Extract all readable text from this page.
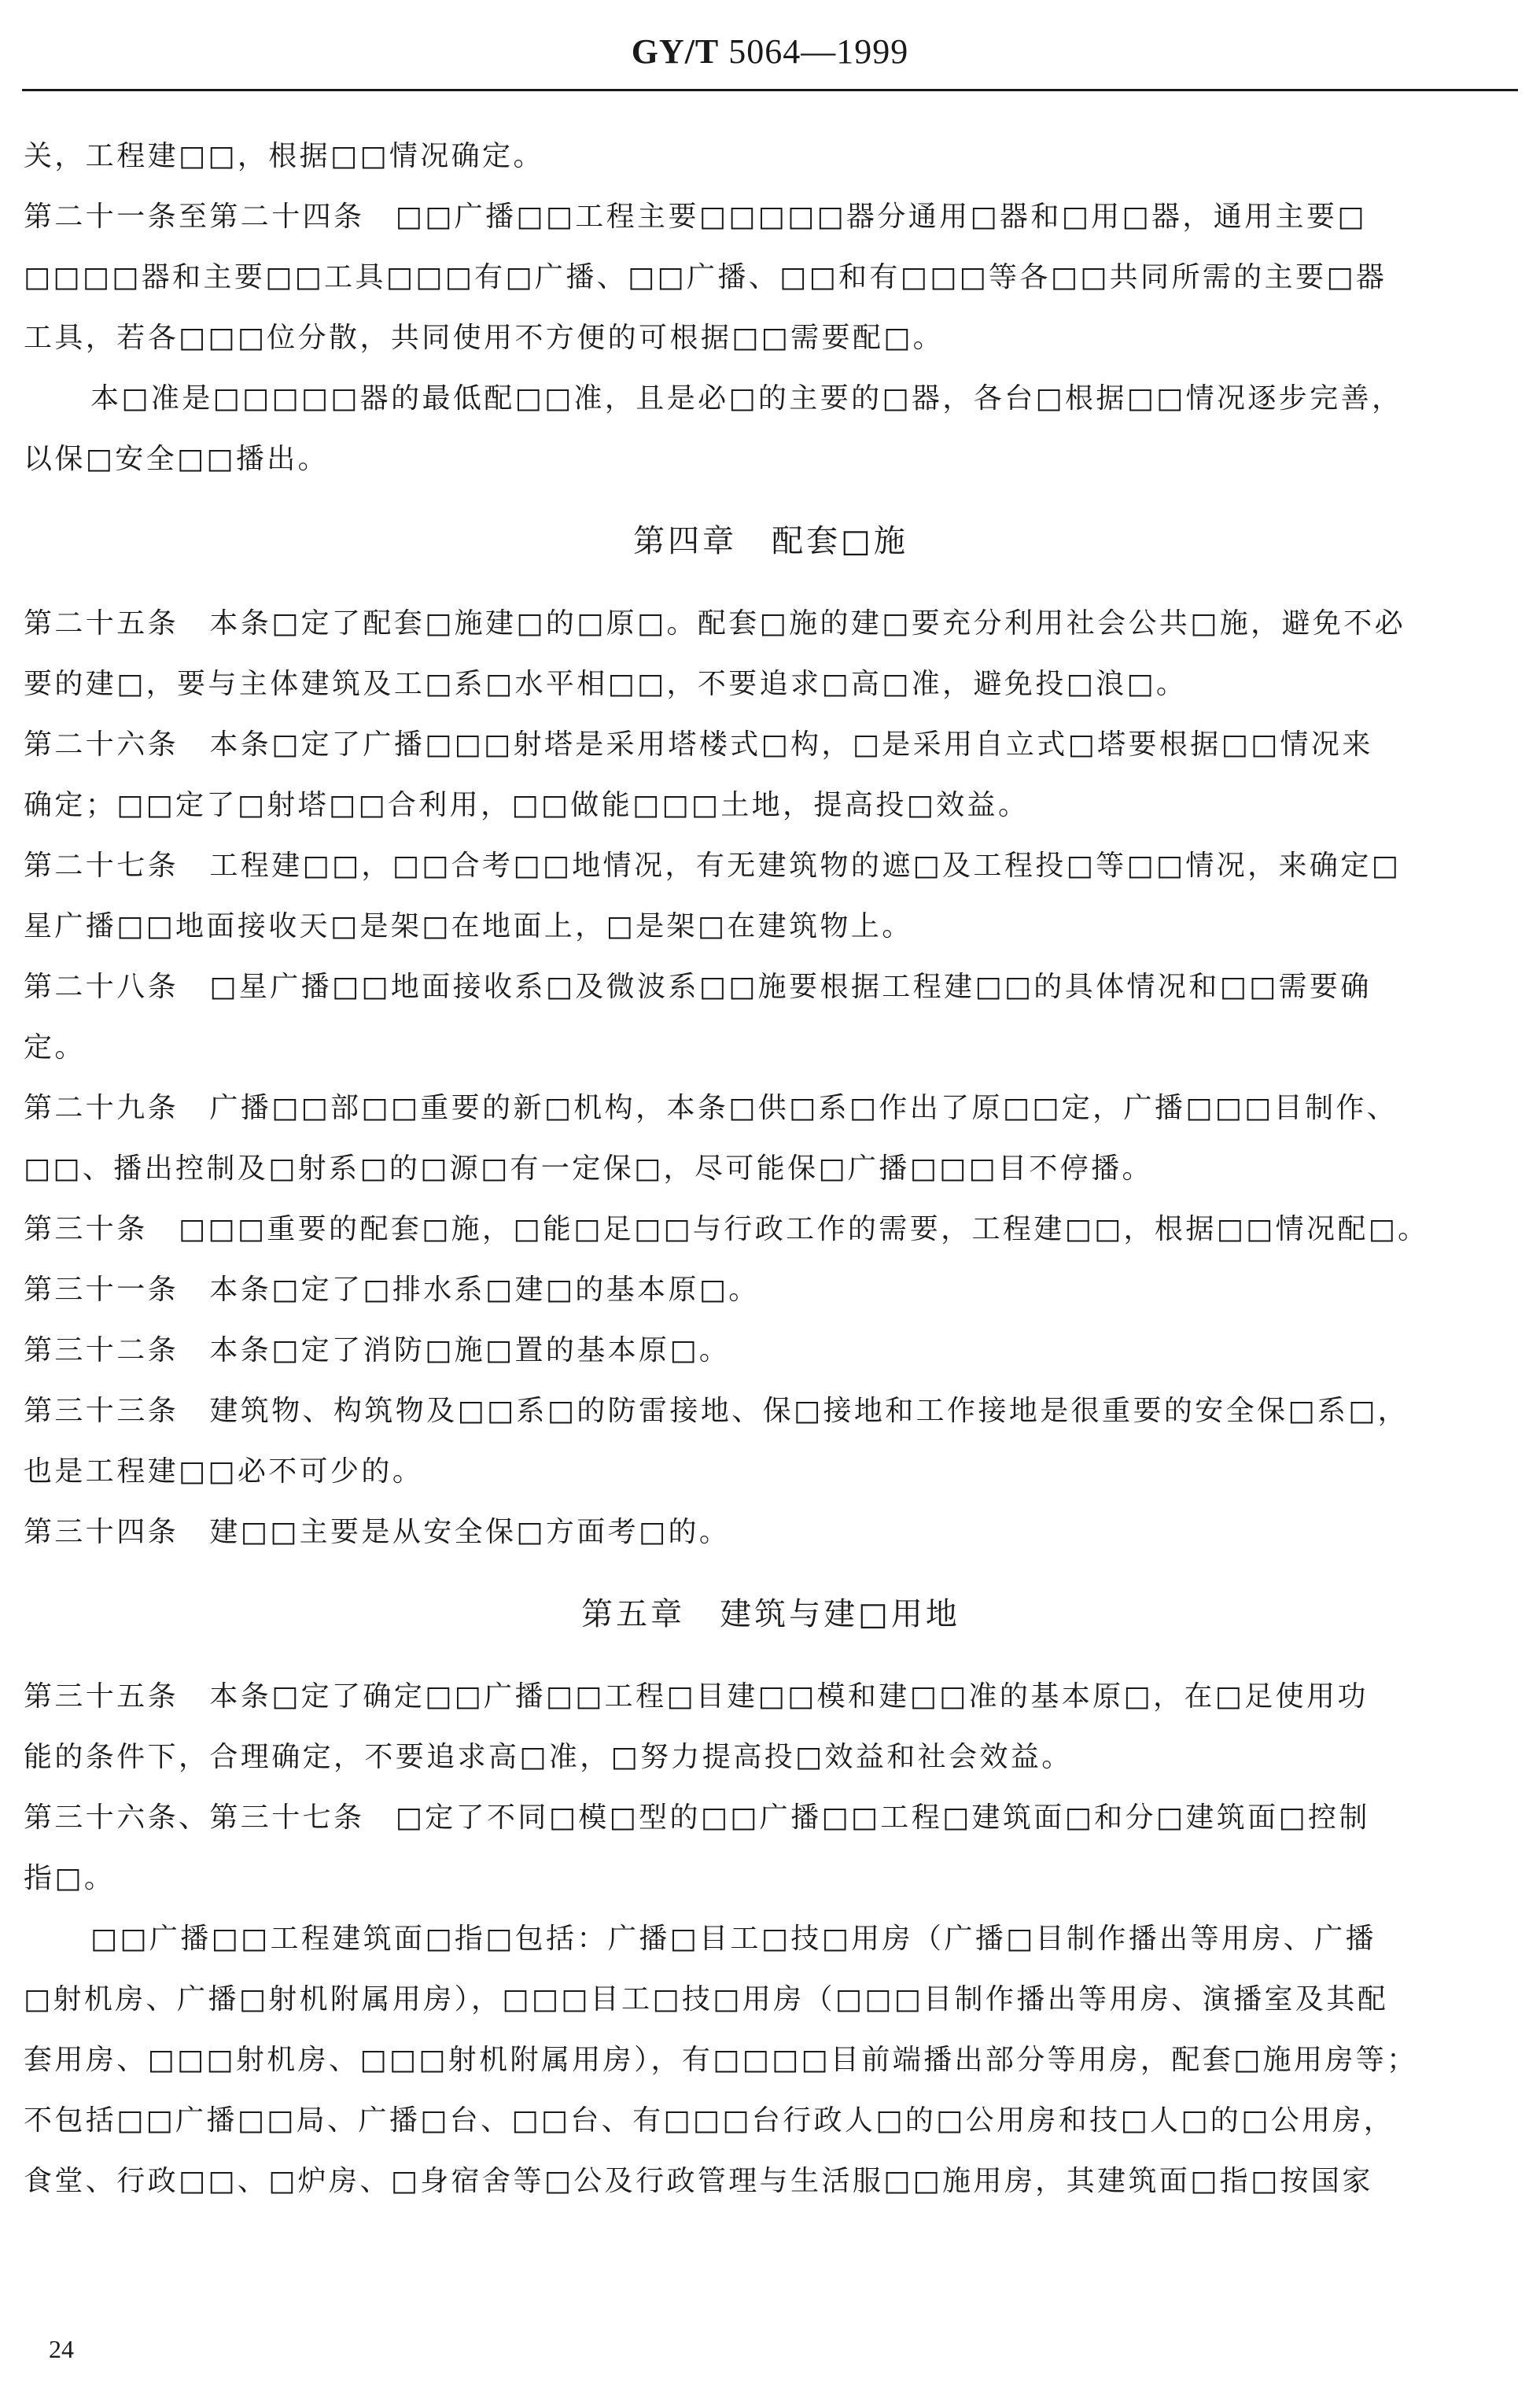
GY/T 5064—1999
关，工程建□□，根据□□情况确定。
第二十一条至第二十四条　□□广播□□工程主要□□□□□器分通用□器和□用□器，通用主要□
□□□□器和主要□□工具□□□有□广播、□□广播、□□和有□□□等各□□共同所需的主要□器
工具，若各□□□位分散，共同使用不方便的可根据□□需要配□。
本□准是□□□□□器的最低配□□准，且是必□的主要的□器，各台□根据□□情况逐步完善，
以保□安全□□播出。
第四章　配套□施
第二十五条　本条□定了配套□施建□的□原□。配套□施的建□要充分利用社会公共□施，避免不必
要的建□，要与主体建筑及工□系□水平相□□，不要追求□高□准，避免投□浪□。
第二十六条　本条□定了广播□□□射塔是采用塔楼式□构，□是采用自立式□塔要根据□□情况来
确定；□□定了□射塔□□合利用，□□做能□□□土地，提高投□效益。
第二十七条　工程建□□，□□合考□□地情况，有无建筑物的遮□及工程投□等□□情况，来确定□
星广播□□地面接收天□是架□在地面上，□是架□在建筑物上。
第二十八条　□星广播□□地面接收系□及微波系□□施要根据工程建□□的具体情况和□□需要确
定。
第二十九条　广播□□部□□重要的新□机构，本条□供□系□作出了原□□定，广播□□□目制作、
□□、播出控制及□射系□的□源□有一定保□，尽可能保□广播□□□目不停播。
第三十条　□□□重要的配套□施，□能□足□□与行政工作的需要，工程建□□，根据□□情况配□。
第三十一条　本条□定了□排水系□建□的基本原□。
第三十二条　本条□定了消防□施□置的基本原□。
第三十三条　建筑物、构筑物及□□系□的防雷接地、保□接地和工作接地是很重要的安全保□系□，
也是工程建□□必不可少的。
第三十四条　建□□主要是从安全保□方面考□的。
第五章　建筑与建□用地
第三十五条　本条□定了确定□□广播□□工程□目建□□模和建□□准的基本原□，在□足使用功
能的条件下，合理确定，不要追求高□准，□努力提高投□效益和社会效益。
第三十六条、第三十七条　□定了不同□模□型的□□广播□□工程□建筑面□和分□建筑面□控制
指□。
□□广播□□工程建筑面□指□包括：广播□目工□技□用房（广播□目制作播出等用房、广播
□射机房、广播□射机附属用房），□□□目工□技□用房（□□□目制作播出等用房、演播室及其配
套用房、□□□射机房、□□□射机附属用房），有□□□□目前端播出部分等用房，配套□施用房等；
不包括□□广播□□局、广播□台、□□台、有□□□台行政人□的□公用房和技□人□的□公用房，
食堂、行政□□、□炉房、□身宿舍等□公及行政管理与生活服□□施用房，其建筑面□指□按国家
24
